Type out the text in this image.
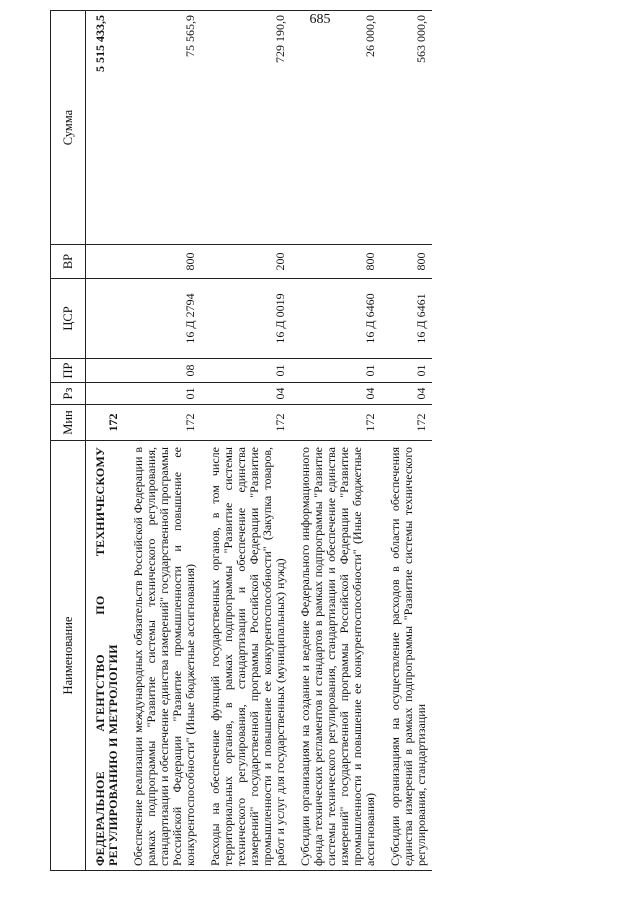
685
Наименование	Мин	Рз	ПР	ЦСР	ВР	Сумма
ФЕДЕРАЛЬНОЕ АГЕНТСТВО ПО ТЕХНИЧЕСКОМУ РЕГУЛИРОВАНИЮ И МЕТРОЛОГИИ	172					5 515 433,5
Обеспечение реализации международных обязательств Российской Федерации в рамках подпрограммы "Развитие системы технического регулирования, стандартизации и обеспечение единства измерений" государственной программы Российской Федерации "Развитие промышленности и повышение ее конкурентоспособности" (Иные бюджетные ассигнования)	172	01	08	16 Д 2794	800	75 565,9
Расходы на обеспечение функций государственных органов, в том числе территориальных органов, в рамках подпрограммы "Развитие системы технического регулирования, стандартизации и обеспечение единства измерений" государственной программы Российской Федерации "Развитие промышленности и повышение ее конкурентоспособности" (Закупка товаров, работ и услуг для государственных (муниципальных) нужд)	172	04	01	16 Д 0019	200	729 190,0
Субсидии организациям на создание и ведение Федерального информационного фонда технических регламентов и стандартов в рамках подпрограммы "Развитие системы технического регулирования, стандартизации и обеспечение единства измерений" государственной программы Российской Федерации "Развитие промышленности и повышение ее конкурентоспособности" (Иные бюджетные ассигнования)	172	04	01	16 Д 6460	800	26 000,0
Субсидии организациям на осуществление расходов в области обеспечения единства измерений в рамках подпрограммы "Развитие системы технического регулирования, стандартизации	172	04	01	16 Д 6461	800	563 000,0
